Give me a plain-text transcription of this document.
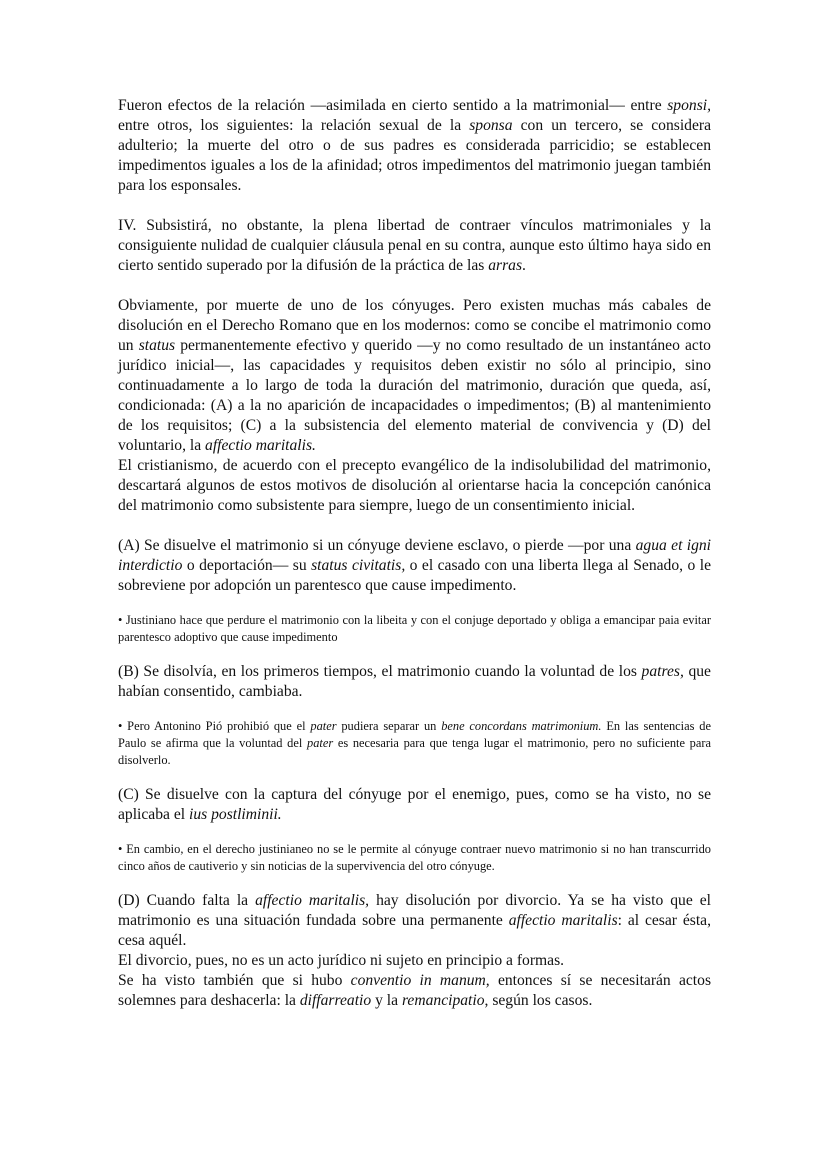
Fueron efectos de la relación —asimilada en cierto sentido a la matrimonial— entre sponsi, entre otros, los siguientes: la relación sexual de la sponsa con un tercero, se considera adulterio; la muerte del otro o de sus padres es considerada parricidio; se establecen impedimentos iguales a los de la afinidad; otros impedimentos del matrimonio juegan también para los esponsales.

IV. Subsistirá, no obstante, la plena libertad de contraer vínculos matrimoniales y la consiguiente nulidad de cualquier cláusula penal en su contra, aunque esto último haya sido en cierto sentido superado por la difusión de la práctica de las arras.

Obviamente, por muerte de uno de los cónyuges. Pero existen muchas más cabales de disolución en el Derecho Romano que en los modernos: como se concibe el matrimonio como un status permanentemente efectivo y querido —y no como resultado de un instantáneo acto jurídico inicial—, las capacidades y requisitos deben existir no sólo al principio, sino continuadamente a lo largo de toda la duración del matrimonio, duración que queda, así, condicionada: (A) a la no aparición de incapacidades o impedimentos; (B) al mantenimiento de los requisitos; (C) a la subsistencia del elemento material de convivencia y (D) del voluntario, la affectio maritalis.

El cristianismo, de acuerdo con el precepto evangélico de la indisolubilidad del matrimonio, descartará algunos de estos motivos de disolución al orientarse hacia la concepción canónica del matrimonio como subsistente para siempre, luego de un consentimiento inicial.

(A) Se disuelve el matrimonio si un cónyuge deviene esclavo, o pierde —por una agua et igni interdictio o deportación— su status civitatis, o el casado con una liberta llega al Senado, o le sobreviene por adopción un parentesco que cause impedimento.

• Justiniano hace que perdure el matrimonio con la libeita y con el conjuge deportado y obliga a emancipar paia evitar parentesco adoptivo que cause impedimento

(B) Se disolvía, en los primeros tiempos, el matrimonio cuando la voluntad de los patres, que habían consentido, cambiaba.

• Pero Antonino Pió prohibió que el pater pudiera separar un bene concordans matrimonium. En las sentencias de Paulo se afirma que la voluntad del pater es necesaria para que tenga lugar el matrimonio, pero no suficiente para disolverlo.

(C) Se disuelve con la captura del cónyuge por el enemigo, pues, como se ha visto, no se aplicaba el ius postliminii.

• En cambio, en el derecho justinianeo no se le permite al cónyuge contraer nuevo matrimonio si no han transcurrido cinco años de cautiverio y sin noticias de la supervivencia del otro cónyuge.

(D) Cuando falta la affectio maritalis, hay disolución por divorcio. Ya se ha visto que el matrimonio es una situación fundada sobre una permanente affectio maritalis: al cesar ésta, cesa aquél.

El divorcio, pues, no es un acto jurídico ni sujeto en principio a formas.

Se ha visto también que si hubo conventio in manum, entonces sí se necesitarán actos solemnes para deshacerla: la diffarreatio y la remancipatio, según los casos.
